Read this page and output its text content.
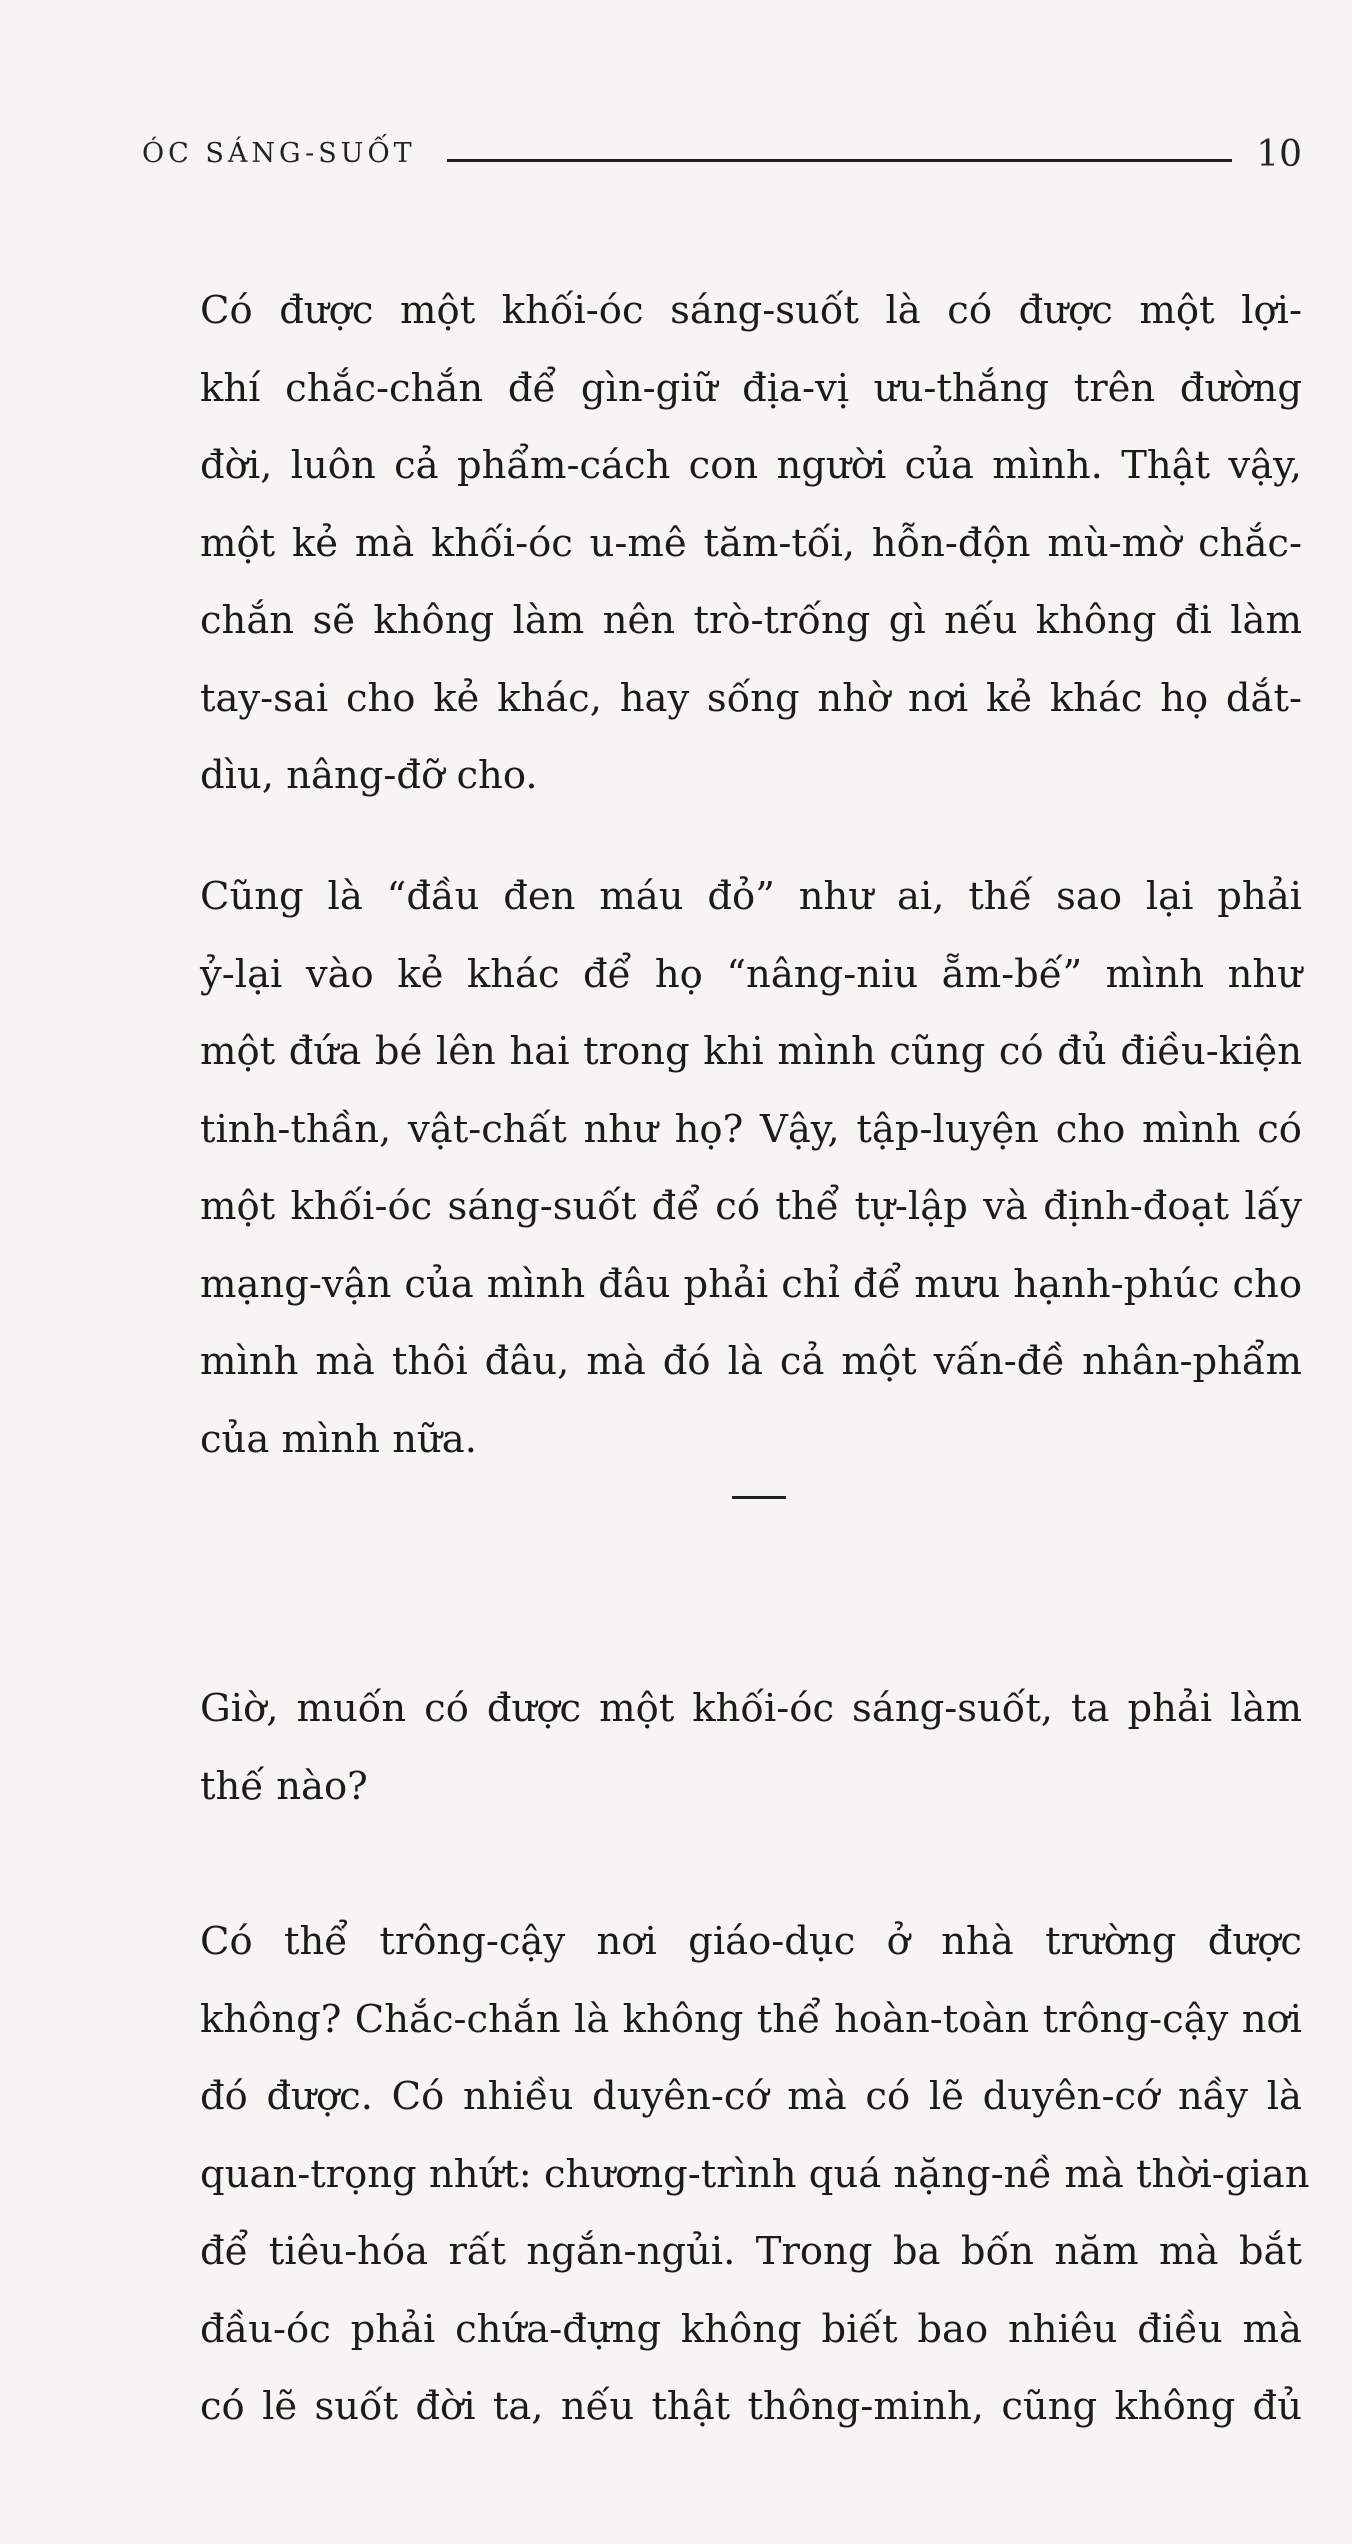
ÓC SÁNG-SUỐT	10

Có được một khối-óc sáng-suốt là có được một lợi-
khí chắc-chắn để gìn-giữ địa-vị ưu-thắng trên đường
đời, luôn cả phẩm-cách con người của mình. Thật vậy,
một kẻ mà khối-óc u-mê tăm-tối, hỗn-độn mù-mờ chắc-
chắn sẽ không làm nên trò-trống gì nếu không đi làm
tay-sai cho kẻ khác, hay sống nhờ nơi kẻ khác họ dắt-
dìu, nâng-đỡ cho.

Cũng là “đầu đen máu đỏ” như ai, thế sao lại phải
ỷ-lại vào kẻ khác để họ “nâng-niu ẵm-bế” mình như
một đứa bé lên hai trong khi mình cũng có đủ điều-kiện
tinh-thần, vật-chất như họ? Vậy, tập-luyện cho mình có
một khối-óc sáng-suốt để có thể tự-lập và định-đoạt lấy
mạng-vận của mình đâu phải chỉ để mưu hạnh-phúc cho
mình mà thôi đâu, mà đó là cả một vấn-đề nhân-phẩm
của mình nữa.

Giờ, muốn có được một khối-óc sáng-suốt, ta phải làm
thế nào?

Có thể trông-cậy nơi giáo-dục ở nhà trường được
không? Chắc-chắn là không thể hoàn-toàn trông-cậy nơi
đó được. Có nhiều duyên-cớ mà có lẽ duyên-cớ nầy là
quan-trọng nhứt: chương-trình quá nặng-nề mà thời-gian
để tiêu-hóa rất ngắn-ngủi. Trong ba bốn năm mà bắt
đầu-óc phải chứa-đựng không biết bao nhiêu điều mà
có lẽ suốt đời ta, nếu thật thông-minh, cũng không đủ
